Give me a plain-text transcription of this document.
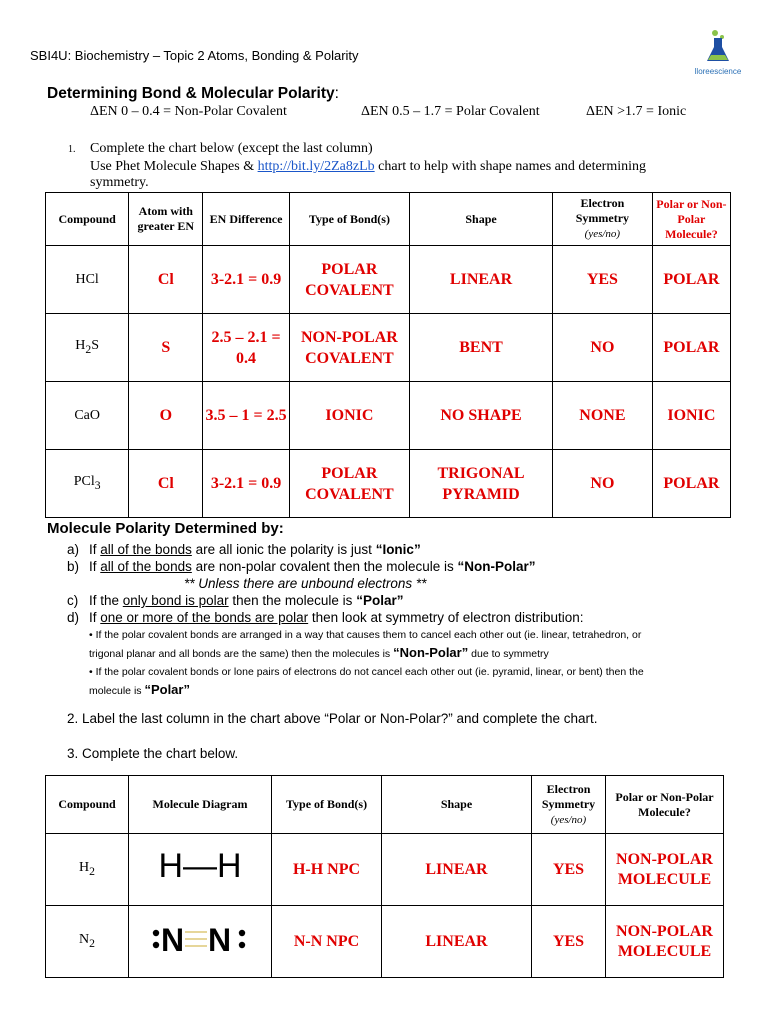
SBI4U: Biochemistry – Topic 2 Atoms, Bonding & Polarity
lloreescience
Determining Bond & Molecular Polarity:
ΔEN 0 – 0.4 = Non-Polar Covalent	ΔEN 0.5 – 1.7 = Polar Covalent	ΔEN >1.7 = Ionic
1. Complete the chart below (except the last column)
Use Phet Molecule Shapes & http://bit.ly/2Za8zLb chart to help with shape names and determining
symmetry.
Compound	Atom with greater EN	EN Difference	Type of Bond(s)	Shape	Electron Symmetry
(yes/no)	Polar or Non-Polar Molecule?
HCl	Cl	3-2.1 = 0.9	POLAR COVALENT	LINEAR	YES	POLAR
$H_2S$	S	2.5 – 2.1 = 0.4	NON-POLAR COVALENT	BENT	NO	POLAR
CaO	O	3.5 – 1 = 2.5	IONIC	NO SHAPE	NONE	IONIC
PCl$_3$	Cl	3-2.1 = 0.9	POLAR COVALENT	TRIGONAL PYRAMID	NO	POLAR
Molecule Polarity Determined by:
a) If all of the bonds are all ionic the polarity is just “Ionic”
b) If all of the bonds are non-polar covalent then the molecule is “Non-Polar”
** Unless there are unbound electrons **
c) If the only bond is polar then the molecule is “Polar”
d) If one or more of the bonds are polar then look at symmetry of electron distribution:
• If the polar covalent bonds are arranged in a way that causes them to cancel each other out (ie. linear, tetrahedron, or
trigonal planar and all bonds are the same) then the molecules is “Non-Polar” due to symmetry
• If the polar covalent bonds or lone pairs of electrons do not cancel each other out (ie. pyramid, linear, or bent) then the
molecule is “Polar”
2. Label the last column in the chart above “Polar or Non-Polar?” and complete the chart.
3. Complete the chart below.
Compound	Molecule Diagram	Type of Bond(s)	Shape	Electron Symmetry
(yes/no)	Polar or Non-Polar Molecule?
$H_2$	H—H	H-H NPC	LINEAR	YES	NON-POLAR MOLECULE
$N_2$	N N	N-N NPC	LINEAR	YES	NON-POLAR MOLECULE
